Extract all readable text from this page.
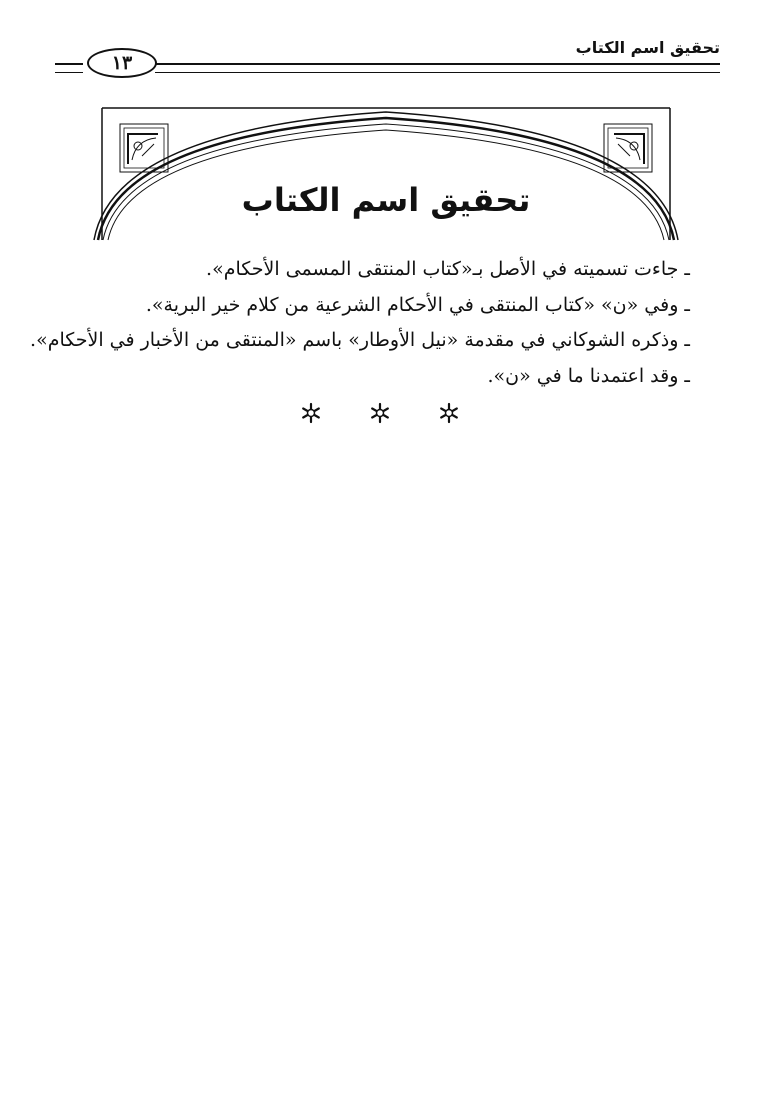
١٣
تحقيق اسم الكتاب
تحقيق اسم الكتاب

ـ جاءت تسميته في الأصل بـ«كتاب المنتقى المسمى الأحكام».

ـ وفي «ن» «كتاب المنتقى في الأحكام الشرعية من كلام خير البرية».

ـ وذكره الشوكاني في مقدمة «نيل الأوطار» باسم «المنتقى من الأخبار في الأحكام».

ـ وقد اعتمدنا ما في «ن».
